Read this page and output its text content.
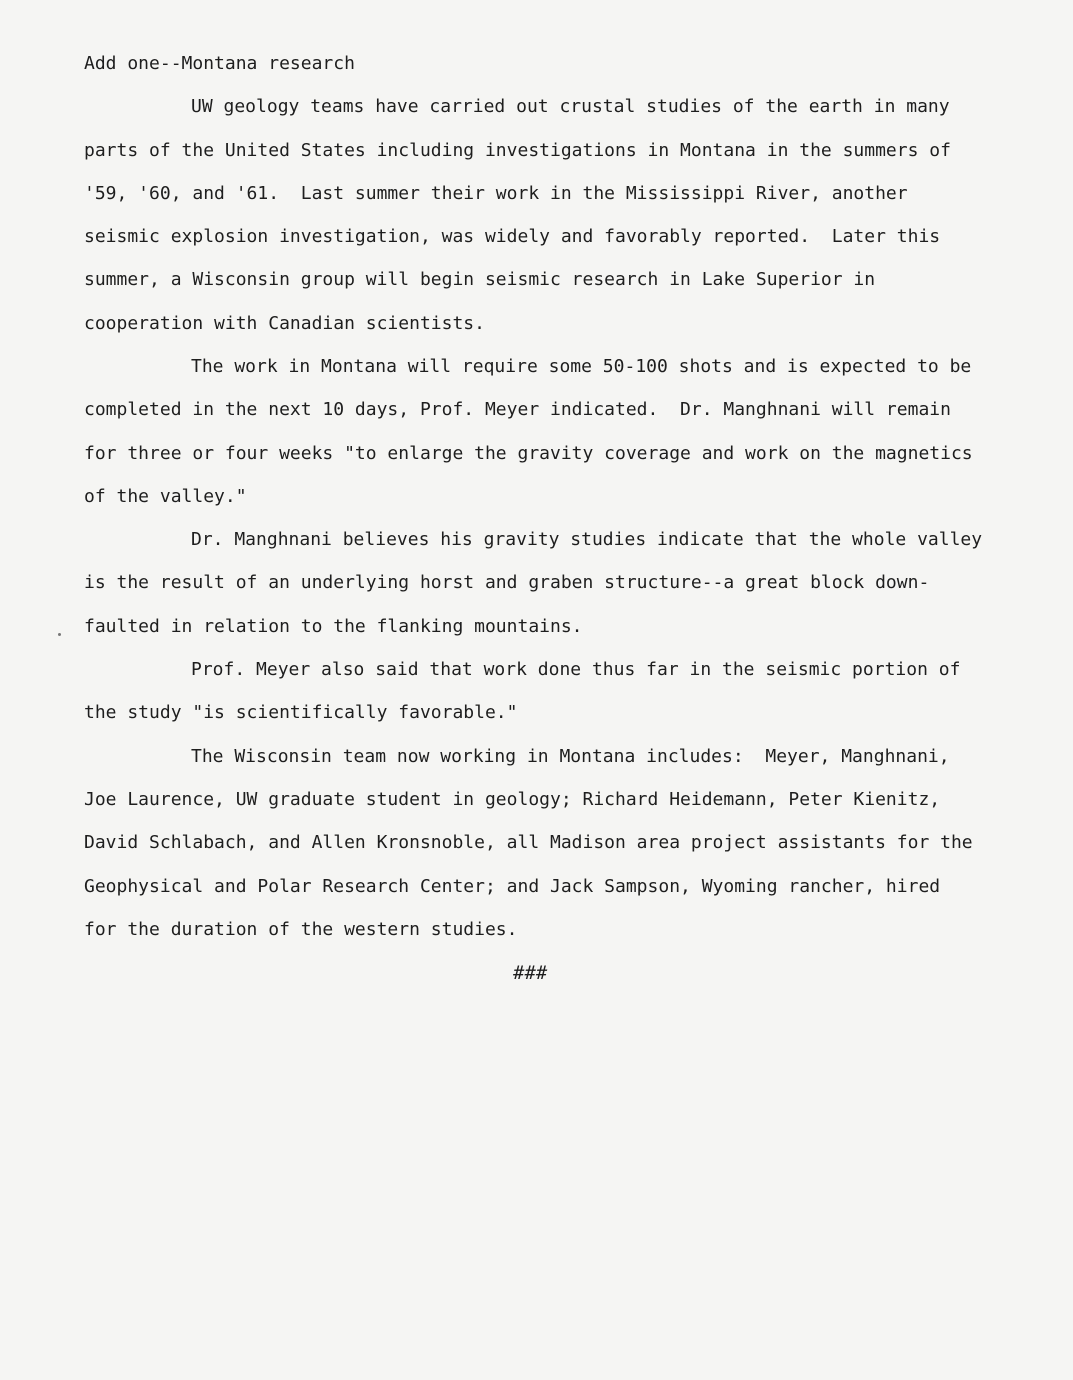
Add one--Montana research
UW geology teams have carried out crustal studies of the earth in many
parts of the United States including investigations in Montana in the summers of
'59, '60, and '61.  Last summer their work in the Mississippi River, another
seismic explosion investigation, was widely and favorably reported.  Later this
summer, a Wisconsin group will begin seismic research in Lake Superior in
cooperation with Canadian scientists.
The work in Montana will require some 50-100 shots and is expected to be
completed in the next 10 days, Prof. Meyer indicated.  Dr. Manghnani will remain
for three or four weeks "to enlarge the gravity coverage and work on the magnetics
of the valley."
Dr. Manghnani believes his gravity studies indicate that the whole valley
is the result of an underlying horst and graben structure--a great block down-
faulted in relation to the flanking mountains.
Prof. Meyer also said that work done thus far in the seismic portion of
the study "is scientifically favorable."
The Wisconsin team now working in Montana includes:  Meyer, Manghnani,
Joe Laurence, UW graduate student in geology; Richard Heidemann, Peter Kienitz,
David Schlabach, and Allen Kronsnoble, all Madison area project assistants for the
Geophysical and Polar Research Center; and Jack Sampson, Wyoming rancher, hired
for the duration of the western studies.
###
